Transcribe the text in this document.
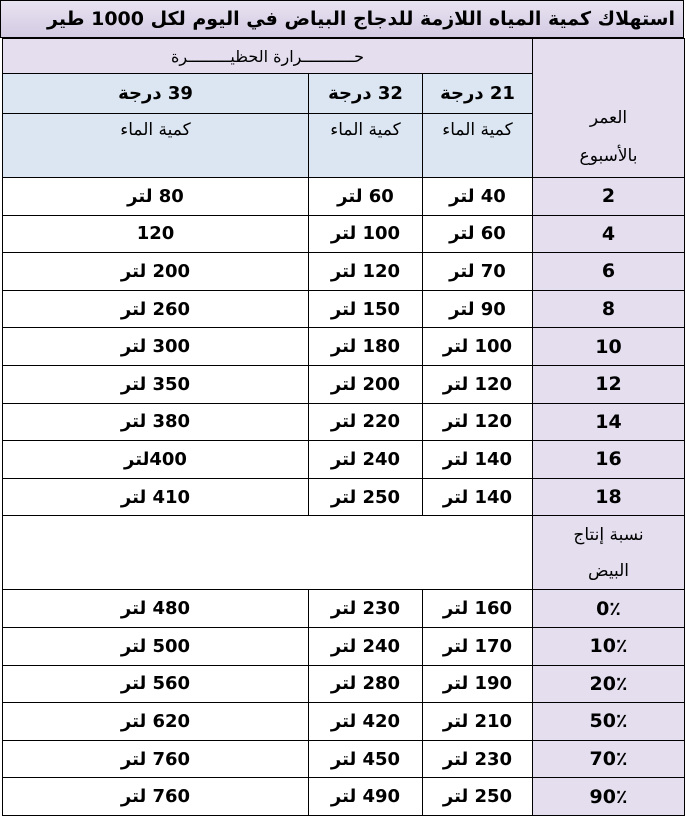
استهلاك كمية المياه اللازمة للدجاج البياض في اليوم لكل 1000 طير
العمر
بالأسبوع	حـــــــــــرارة الحظيـــــــــرة		
	21 درجة	32 درجة	39 درجة
	كمية الماء	كمية الماء	كمية الماء
2	40 لتر	60 لتر	80 لتر
4	60 لتر	100 لتر	120
6	70 لتر	120 لتر	200 لتر
8	90 لتر	150 لتر	260 لتر
10	100 لتر	180 لتر	300 لتر
12	120 لتر	200 لتر	350 لتر
14	120 لتر	220 لتر	380 لتر
16	140 لتر	240 لتر	400لتر
18	140 لتر	250 لتر	410 لتر

نسبة إنتاج
البيض			

0٪	160 لتر	230 لتر	480 لتر
10٪	170 لتر	240 لتر	500 لتر
20٪	190 لتر	280 لتر	560 لتر
50٪	210 لتر	420 لتر	620 لتر
70٪	230 لتر	450 لتر	760 لتر
90٪	250 لتر	490 لتر	760 لتر
